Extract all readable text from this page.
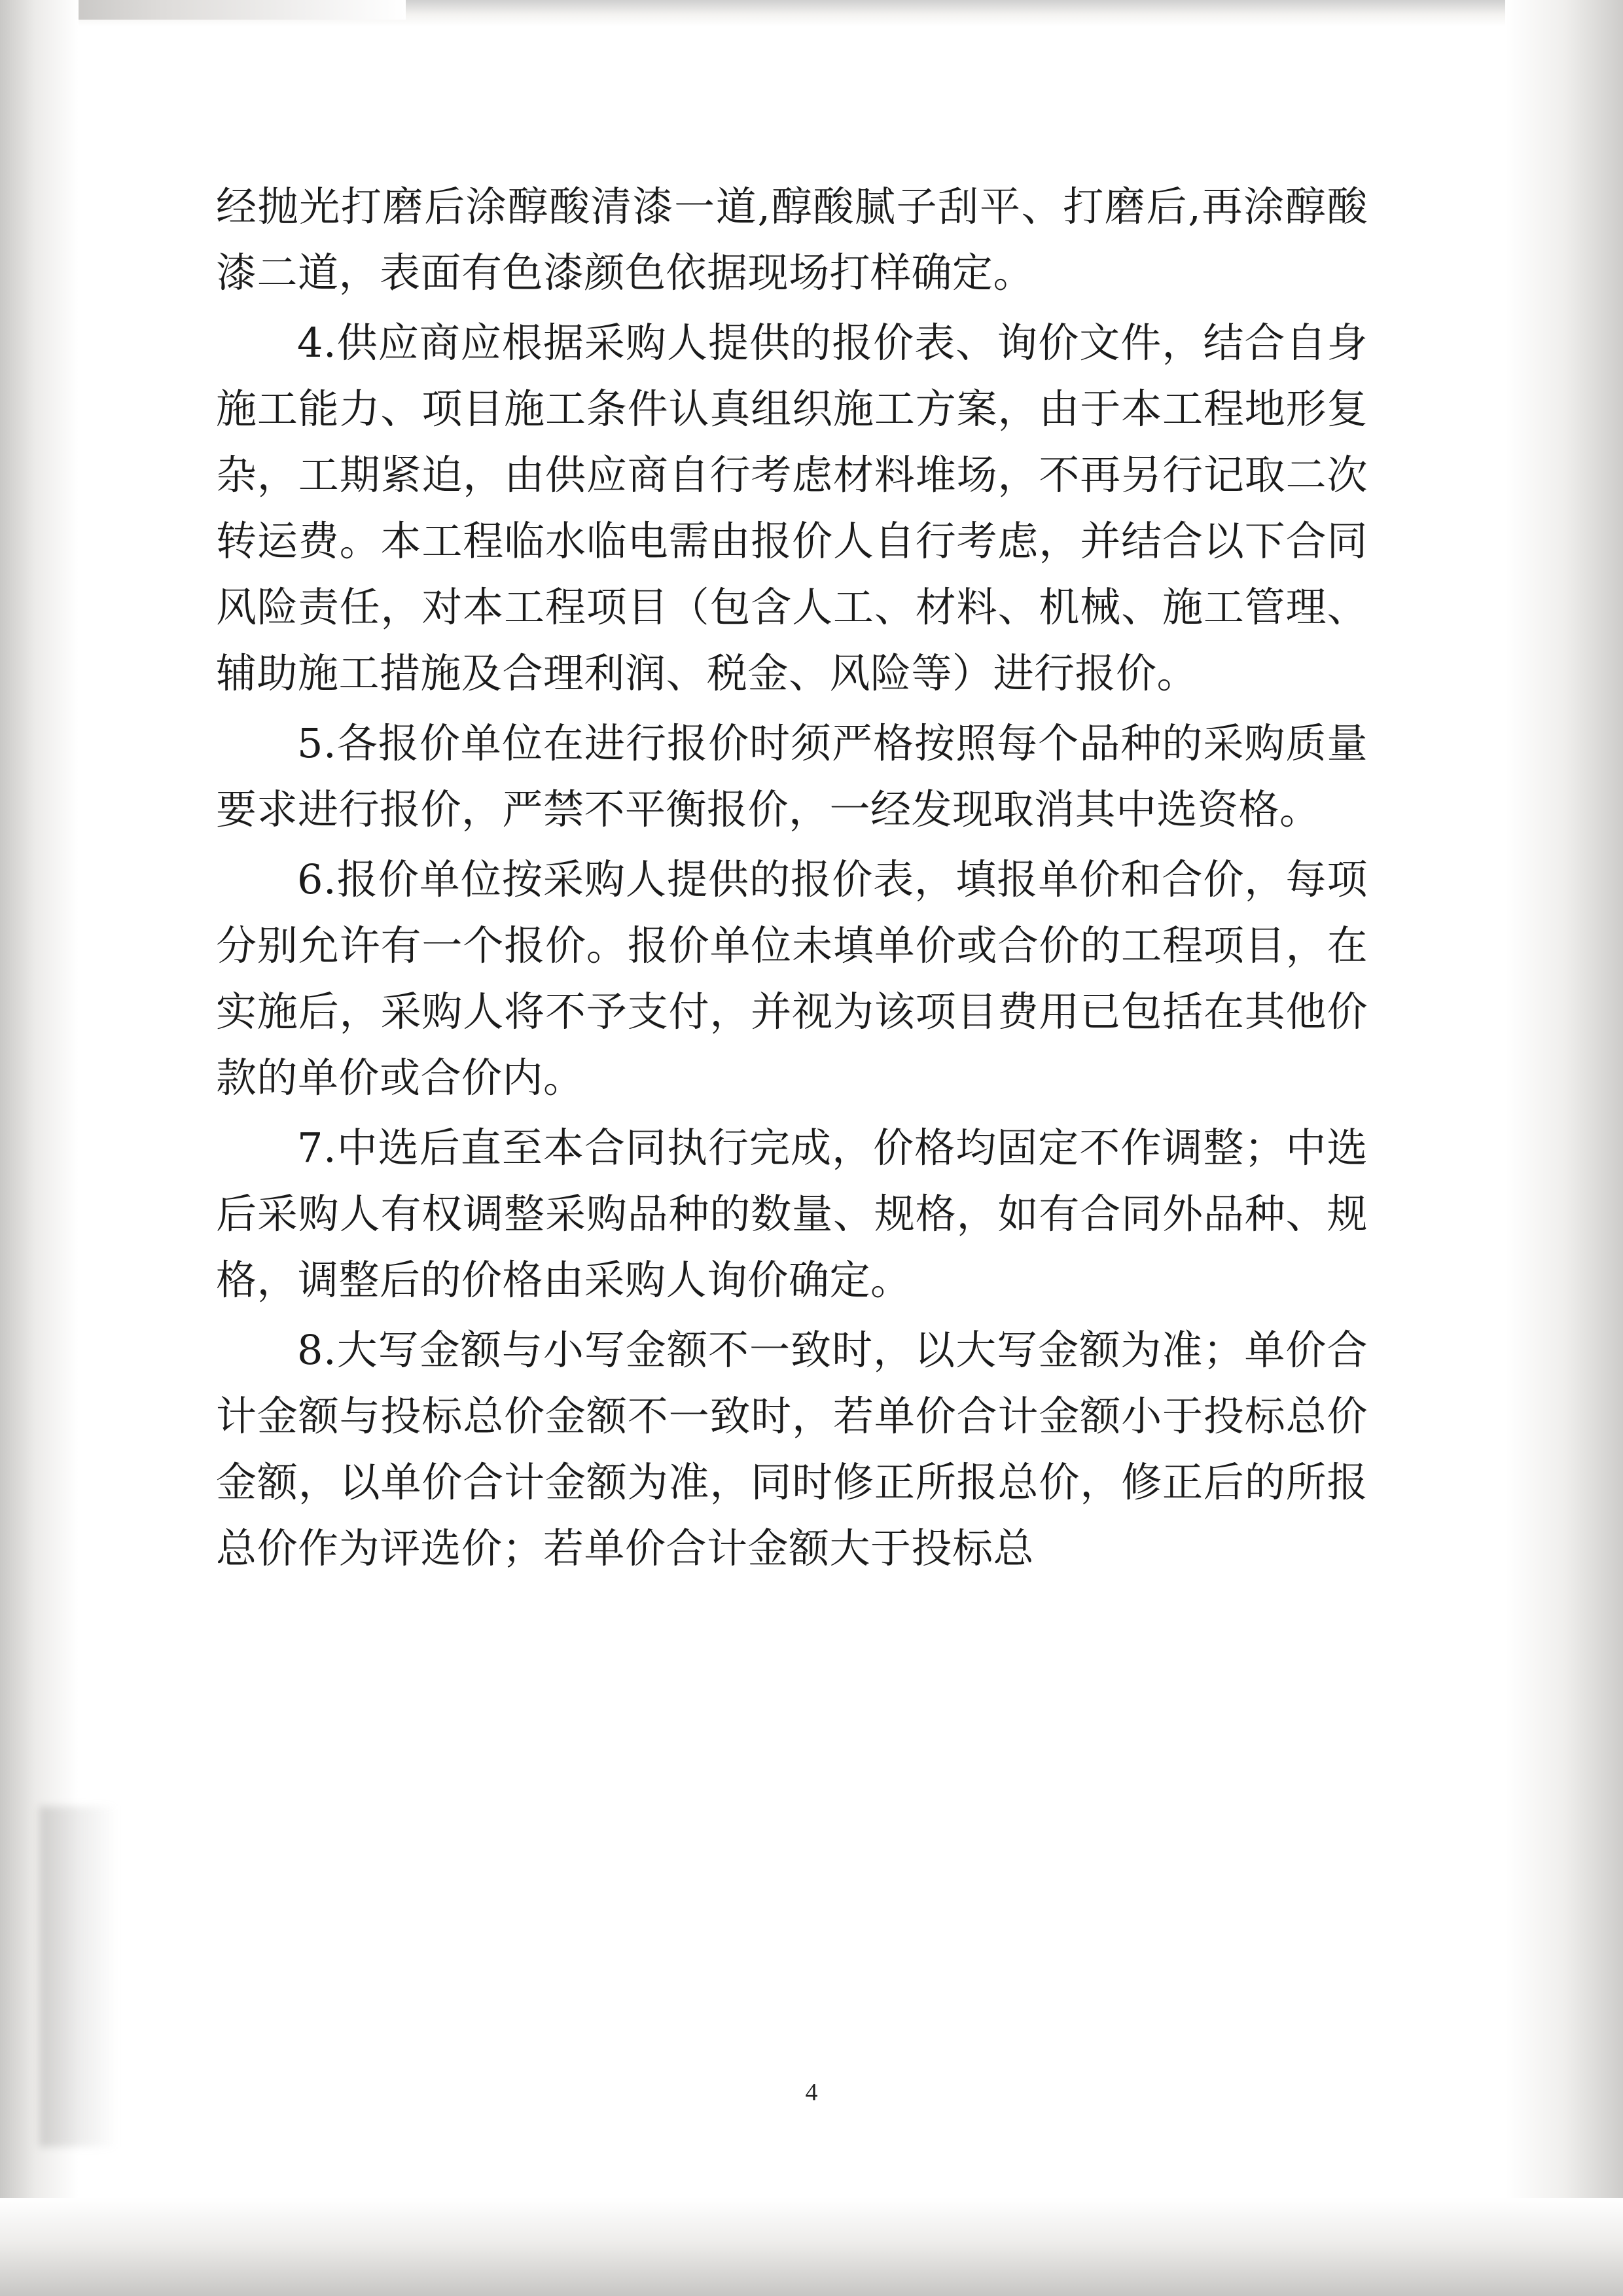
经抛光打磨后涂醇酸清漆一道,醇酸腻子刮平、打磨后,再涂醇酸漆二道，表面有色漆颜色依据现场打样确定。

4.供应商应根据采购人提供的报价表、询价文件，结合自身施工能力、项目施工条件认真组织施工方案，由于本工程地形复杂，工期紧迫，由供应商自行考虑材料堆场，不再另行记取二次转运费。本工程临水临电需由报价人自行考虑，并结合以下合同风险责任，对本工程项目（包含人工、材料、机械、施工管理、辅助施工措施及合理利润、税金、风险等）进行报价。

5.各报价单位在进行报价时须严格按照每个品种的采购质量要求进行报价，严禁不平衡报价，一经发现取消其中选资格。

6.报价单位按采购人提供的报价表，填报单价和合价，每项分别允许有一个报价。报价单位未填单价或合价的工程项目，在实施后，采购人将不予支付，并视为该项目费用已包括在其他价款的单价或合价内。

7.中选后直至本合同执行完成，价格均固定不作调整；中选后采购人有权调整采购品种的数量、规格，如有合同外品种、规格，调整后的价格由采购人询价确定。

8.大写金额与小写金额不一致时，以大写金额为准；单价合计金额与投标总价金额不一致时，若单价合计金额小于投标总价金额，以单价合计金额为准，同时修正所报总价，修正后的所报总价作为评选价；若单价合计金额大于投标总

4
